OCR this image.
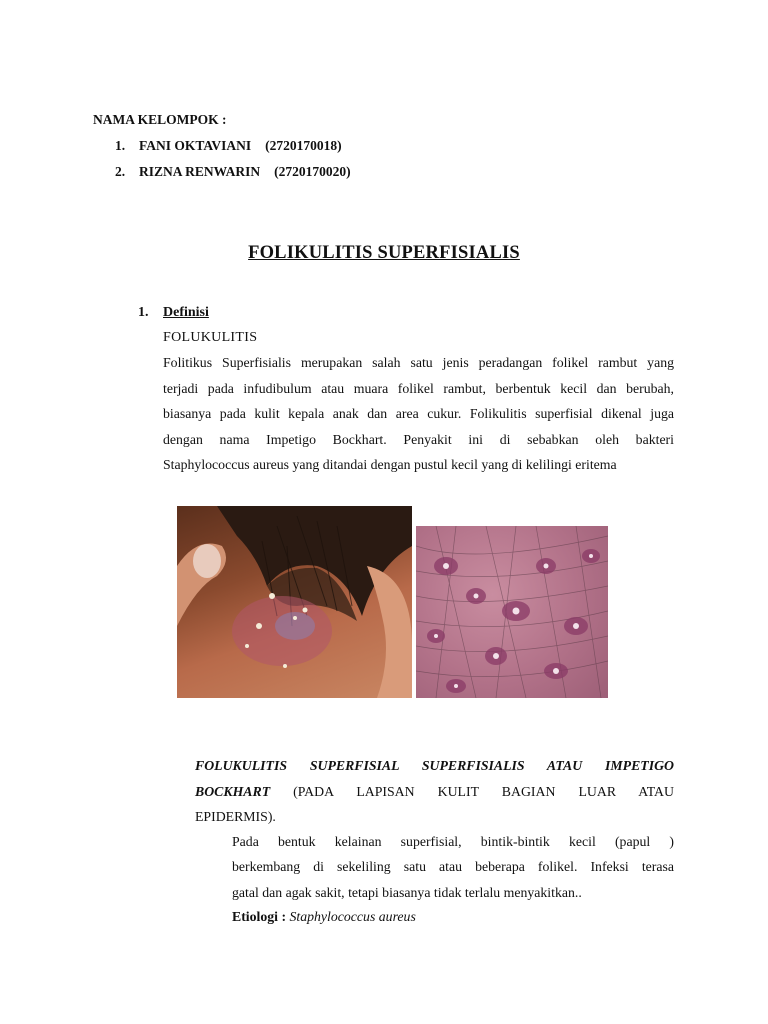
NAMA KELOMPOK :
1. FANI OKTAVIANI (2720170018)
2. RIZNA RENWARIN (2720170020)
FOLIKULITIS SUPERFISIALIS
1. Definisi
FOLUKULITIS
Folitikus Superfisialis merupakan salah satu jenis peradangan folikel rambut yang
terjadi pada infudibulum atau muara folikel rambut, berbentuk kecil dan berubah,
biasanya pada kulit kepala anak dan area cukur. Folikulitis superfisial dikenal juga
dengan nama Impetigo Bockhart. Penyakit ini di sebabkan oleh bakteri
Staphylococcus aureus yang ditandai dengan pustul kecil yang di kelilingi eritema
FOLUKULITIS SUPERFISIAL SUPERFISIALIS ATAU IMPETIGO
BOCKHART (PADA LAPISAN KULIT BAGIAN LUAR ATAU
EPIDERMIS).
Pada bentuk kelainan superfisial, bintik-bintik kecil (papul )
berkembang di sekeliling satu atau beberapa folikel. Infeksi terasa
gatal dan agak sakit, tetapi biasanya tidak terlalu menyakitkan..
Etiologi : Staphylococcus aureus
